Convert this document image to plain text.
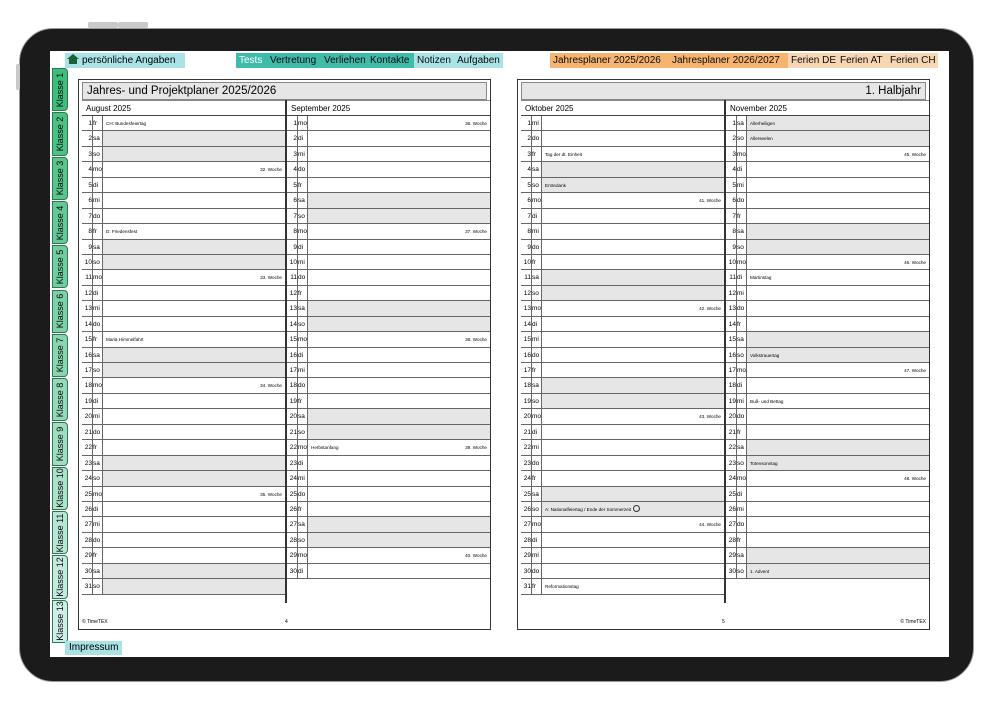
persönliche Angaben	Tests Vertretung Verliehen Kontakte Notizen Aufgaben	Jahresplaner 2025/2026	Jahresplaner 2026/2027	Ferien DE Ferien AT Ferien CH
Klasse 1
Klasse 2
Klasse 3
Klasse 4
Klasse 5
Klasse 6
Klasse 7
Klasse 8
Klasse 9
Klasse 10
Klasse 11
Klasse 12
Klasse 13
Jahres- und Projektplaner 2025/2026
August 2025
1 fr	CH: Bundesfeiertag
2 sa
3 so
4 mo	32. Woche
5 di
6 mi
7 do
8 fr	D: Friedensfest
9 sa
10 so
11 mo	33. Woche
12 di
13 mi
14 do
15 fr	Mariä Himmelfahrt
16 sa
17 so
18 mo	34. Woche
19 di
20 mi
21 do
22 fr
23 sa
24 so
25 mo	35. Woche
26 di
27 mi
28 do
29 fr
30 sa
31 so
September 2025
1 mo	36. Woche
2 di
3 mi
4 do
5 fr
6 sa
7 so
8 mo	37. Woche
9 di
10 mi
11 do
12 fr
13 sa
14 so
15 mo	38. Woche
16 di
17 mi
18 do
19 fr
20 sa
21 so
22 mo Herbstanfang	39. Woche
23 di
24 mi
25 do
26 fr
27 sa
28 so
29 mo	40. Woche
30 di
© TimeTEX	4
1. Halbjahr
Oktober 2025
1 mi
2 do
3 fr	Tag der dt. Einheit
4 sa
5 so	Erntedank
6 mo	41. Woche
7 di
8 mi
9 do
10 fr
11 sa
12 so
13 mo	42. Woche
14 di
15 mi
16 do
17 fr
18 sa
19 so
20 mo	43. Woche
21 di
22 mi
23 do
24 fr
25 sa
26 so	A: Nationalfeiertag / Ende der Sommerzeit
27 mo	44. Woche
28 di
29 mi
30 do
31 fr	Reformationstag
November 2025
1 sa	Allerheiligen
2 so	Allerseelen
3 mo	45. Woche
4 di
5 mi
6 do
7 fr
8 sa
9 so
10 mo	46. Woche
11 di	Martinstag
12 mi
13 do
14 fr
15 sa
16 so	Volkstrauertag
17 mo	47. Woche
18 di
19 mi	Buß- und Bettag
20 do
21 fr
22 sa
23 so	Totensonntag
24 mo	48. Woche
25 di
26 mi
27 do
28 fr
29 sa
30 so	1. Advent
5	© TimeTEX
Impressum
